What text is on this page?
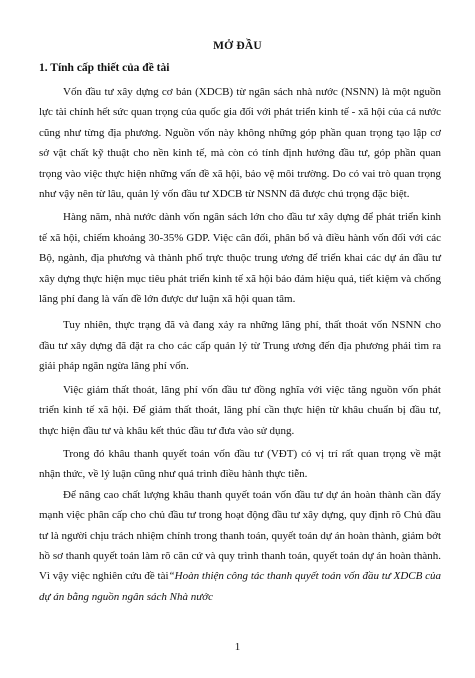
MỞ ĐẦU
1. Tính cấp thiết của đề tài

Vốn đầu tư xây dựng cơ bản (XDCB) từ ngân sách nhà nước (NSNN) là một nguồn lực tài chính hết sức quan trọng của quốc gia đối với phát triển kinh tế - xã hội của cả nước cũng như từng địa phương. Nguồn vốn này không những góp phần quan trọng tạo lập cơ sở vật chất kỹ thuật cho nền kinh tế, mà còn có tính định hướng đầu tư, góp phần quan trọng vào việc thực hiện những vấn đề xã hội, bảo vệ môi trường. Do có vai trò quan trọng như vậy nên từ lâu, quản lý vốn đầu tư XDCB từ NSNN đã được chú trọng đặc biệt.

Hàng năm, nhà nước dành vốn ngân sách lớn cho đầu tư xây dựng để phát triển kinh tế xã hội, chiếm khoảng 30-35% GDP. Việc cân đối, phân bổ và điều hành vốn đối với các Bộ, ngành, địa phương và thành phố trực thuộc trung ương để triển khai các dự án đầu tư xây dựng thực hiện mục tiêu phát triển kinh tế xã hội bảo đảm hiệu quả, tiết kiệm và chống lãng phí đang là vấn đề lớn được dư luận xã hội quan tâm.

Tuy nhiên, thực trạng đã và đang xảy ra những lãng phí, thất thoát vốn NSNN cho đầu tư xây dựng đã đặt ra cho các cấp quản lý từ Trung ương đến địa phương phải tìm ra giải pháp ngăn ngừa lãng phí vốn.

Việc giảm thất thoát, lãng phí vốn đầu tư đồng nghĩa với việc tăng nguồn vốn phát triển kinh tế xã hội. Để giảm thất thoát, lãng phí cần thực hiện từ khâu chuẩn bị đầu tư, thực hiện đầu tư và khâu kết thúc đầu tư đưa vào sử dụng.

Trong đó khâu thanh quyết toán vốn đầu tư (VĐT) có vị trí rất quan trọng về mặt nhận thức, về lý luận cũng như quá trình điều hành thực tiễn.

Để nâng cao chất lượng khâu thanh quyết toán vốn đầu tư dự án hoàn thành cần đẩy mạnh việc phân cấp cho chủ đầu tư trong hoạt động đầu tư xây dựng, quy định rõ Chủ đầu tư là người chịu trách nhiệm chính trong thanh toán, quyết toán dự án hoàn thành, giảm bớt hồ sơ thanh quyết toán làm rõ căn cứ và quy trình thanh toán, quyết toán dự án hoàn thành. Vì vậy việc nghiên cứu đề tài“Hoàn thiện công tác thanh quyết toán vốn đầu tư XDCB của dự án bằng nguồn ngân sách Nhà nước

1
